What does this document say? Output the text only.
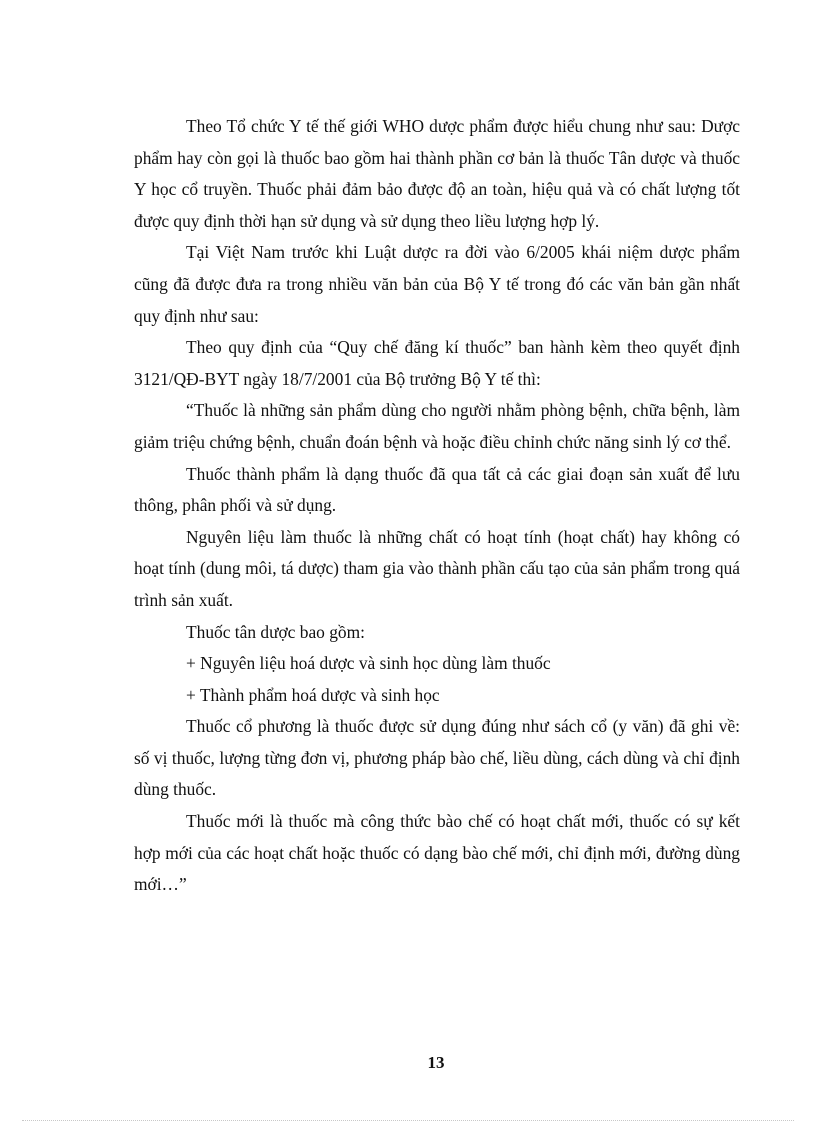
Theo Tổ chức Y tế thế giới WHO dược phẩm được hiểu chung như sau: Dược phẩm hay còn gọi là thuốc bao gồm hai thành phần cơ bản là thuốc Tân dược và thuốc Y học cổ truyền. Thuốc phải đảm bảo được độ an toàn, hiệu quả và có chất lượng tốt được quy định thời hạn sử dụng và sử dụng theo liều lượng hợp lý.

Tại Việt Nam trước khi Luật dược ra đời vào 6/2005 khái niệm dược phẩm cũng đã được đưa ra trong nhiều văn bản của Bộ Y tế trong đó các văn bản gần nhất quy định như sau:

Theo quy định của “Quy chế đăng kí thuốc” ban hành kèm theo quyết định 3121/QĐ-BYT ngày 18/7/2001 của Bộ trưởng Bộ Y tế thì:

“Thuốc là những sản phẩm dùng cho người nhằm phòng bệnh, chữa bệnh, làm giảm triệu chứng bệnh, chuẩn đoán bệnh và hoặc điều chỉnh chức năng sinh lý cơ thể.

Thuốc thành phẩm là dạng thuốc đã qua tất cả các giai đoạn sản xuất để lưu thông, phân phối và sử dụng.

Nguyên liệu làm thuốc là những chất có hoạt tính (hoạt chất) hay không có hoạt tính (dung môi, tá dược) tham gia vào thành phần cấu tạo của sản phẩm trong quá trình sản xuất.

Thuốc tân dược bao gồm:

+ Nguyên liệu hoá dược và sinh học dùng làm thuốc

+ Thành phẩm hoá dược và sinh học

Thuốc cổ phương là thuốc được sử dụng đúng như sách cổ (y văn) đã ghi về: số vị thuốc, lượng từng đơn vị, phương pháp bào chế, liều dùng, cách dùng và chỉ định dùng thuốc.

Thuốc mới là thuốc mà công thức bào chế có hoạt chất mới, thuốc có sự kết hợp mới của các hoạt chất hoặc thuốc có dạng bào chế mới, chỉ định mới, đường dùng mới…”

13
